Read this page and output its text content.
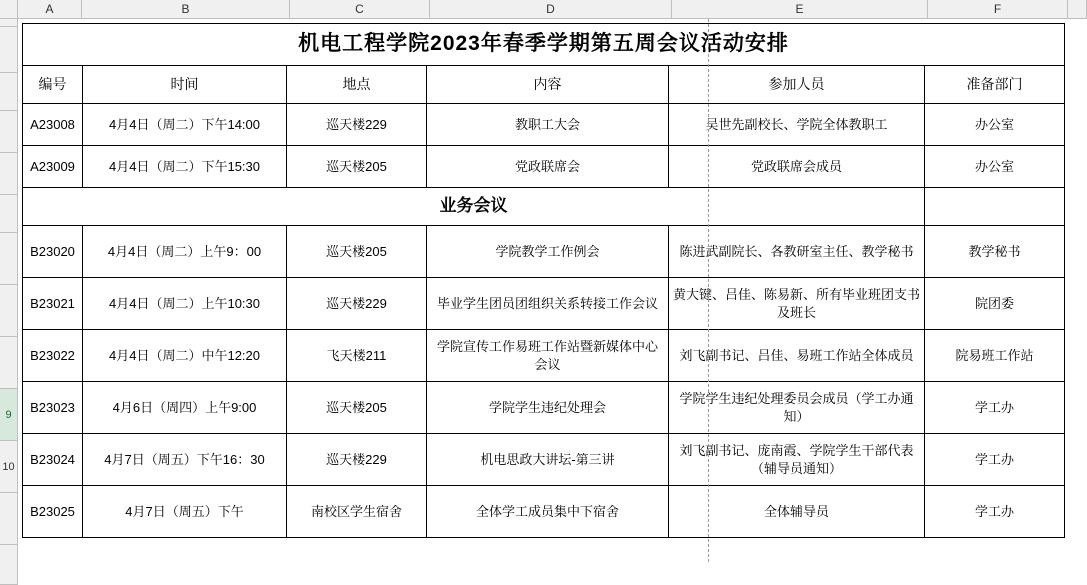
A	B	C	D	E	F
9
10
机电工程学院2023年春季学期第五周会议活动安排					
编号	时间	地点	内容	参加人员	准备部门
A23008	4月4日（周二）下午14:00	巡天楼229	教职工大会	吴世先副校长、学院全体教职工	办公室
A23009	4月4日（周二）下午15:30	巡天楼205	党政联席会	党政联席会成员	办公室
业务会议					
B23020	4月4日（周二）上午9：00	巡天楼205	学院教学工作例会	陈进武副院长、各教研室主任、教学秘书	教学秘书
B23021	4月4日（周二）上午10:30	巡天楼229	毕业学生团员团组织关系转接工作会议	黄大键、吕佳、陈易新、所有毕业班团支书及班长	院团委
B23022	4月4日（周二）中午12:20	飞天楼211	学院宣传工作易班工作站暨新媒体中心会议	刘飞副书记、吕佳、易班工作站全体成员	院易班工作站
B23023	4月6日（周四）上午9:00	巡天楼205	学院学生违纪处理会	学院学生违纪处理委员会成员（学工办通知）	学工办
B23024	4月7日（周五）下午16：30	巡天楼229	机电思政大讲坛-第三讲	刘飞副书记、庞南霞、学院学生干部代表（辅导员通知）	学工办
B23025	4月7日（周五）下午	南校区学生宿舍	全体学工成员集中下宿舍	全体辅导员	学工办
